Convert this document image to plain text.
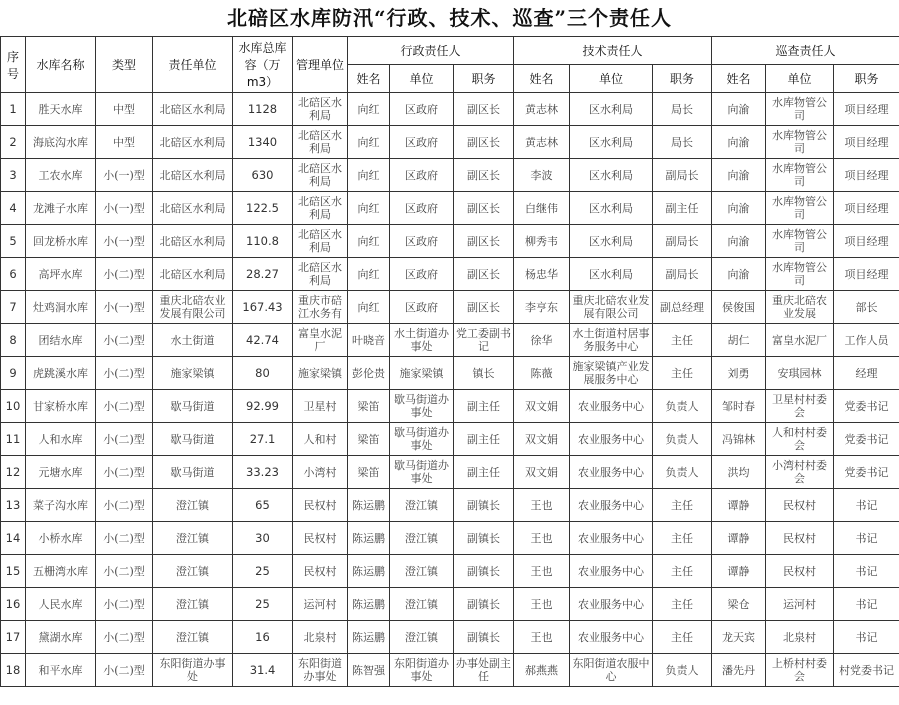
北碚区水库防汛“行政、技术、巡查”三个责任人
序号	水库名称	类型	责任单位	水库总库容（万m3）	管理单位	行政责任人			技术责任人			巡查责任人		
						姓名	单位	职务	姓名	单位	职务	姓名	单位	职务
1	胜天水库	中型	北碚区水利局	1128	北碚区水利局	向红	区政府	副区长	黄志林	区水利局	局长	向渝	水库物管公司	项目经理
2	海底沟水库	中型	北碚区水利局	1340	北碚区水利局	向红	区政府	副区长	黄志林	区水利局	局长	向渝	水库物管公司	项目经理
3	工农水库	小(一)型	北碚区水利局	630	北碚区水利局	向红	区政府	副区长	李波	区水利局	副局长	向渝	水库物管公司	项目经理
4	龙滩子水库	小(一)型	北碚区水利局	122.5	北碚区水利局	向红	区政府	副区长	白继伟	区水利局	副主任	向渝	水库物管公司	项目经理
5	回龙桥水库	小(一)型	北碚区水利局	110.8	北碚区水利局	向红	区政府	副区长	柳秀韦	区水利局	副局长	向渝	水库物管公司	项目经理
6	高坪水库	小(二)型	北碚区水利局	28.27	北碚区水利局	向红	区政府	副区长	杨忠华	区水利局	副局长	向渝	水库物管公司	项目经理
7	灶鸡洞水库	小(一)型	重庆北碚农业发展有限公司	167.43	重庆市碚江水务有	向红	区政府	副区长	李亨东	重庆北碚农业发展有限公司	副总经理	侯俊国	重庆北碚农业发展	部长
8	团结水库	小(二)型	水土街道	42.74	富皇水泥厂	叶晓音	水土街道办事处	党工委副书记	徐华	水土街道村居事务服务中心	主任	胡仁	富皇水泥厂	工作人员
9	虎跳溪水库	小(二)型	施家梁镇	80	施家梁镇	彭伦贵	施家梁镇	镇长	陈薇	施家梁镇产业发展服务中心	主任	刘勇	安琪园林	经理
10	甘家桥水库	小(二)型	歇马街道	92.99	卫星村	梁笛	歇马街道办事处	副主任	双文娟	农业服务中心	负责人	邹时春	卫星村村委会	党委书记
11	人和水库	小(二)型	歇马街道	27.1	人和村	梁笛	歇马街道办事处	副主任	双文娟	农业服务中心	负责人	冯锦林	人和村村委会	党委书记
12	元塘水库	小(二)型	歇马街道	33.23	小湾村	梁笛	歇马街道办事处	副主任	双文娟	农业服务中心	负责人	洪均	小湾村村委会	党委书记
13	菜子沟水库	小(二)型	澄江镇	65	民权村	陈运鹏	澄江镇	副镇长	王也	农业服务中心	主任	谭静	民权村	书记
14	小桥水库	小(二)型	澄江镇	30	民权村	陈运鹏	澄江镇	副镇长	王也	农业服务中心	主任	谭静	民权村	书记
15	五栅湾水库	小(二)型	澄江镇	25	民权村	陈运鹏	澄江镇	副镇长	王也	农业服务中心	主任	谭静	民权村	书记
16	人民水库	小(二)型	澄江镇	25	运河村	陈运鹏	澄江镇	副镇长	王也	农业服务中心	主任	梁仓	运河村	书记
17	黛湖水库	小(二)型	澄江镇	16	北泉村	陈运鹏	澄江镇	副镇长	王也	农业服务中心	主任	龙天宾	北泉村	书记
18	和平水库	小(二)型	东阳街道办事处	31.4	东阳街道办事处	陈智强	东阳街道办事处	办事处副主任	郝燕燕	东阳街道农服中心	负责人	潘先丹	上桥村村委会	村党委书记
